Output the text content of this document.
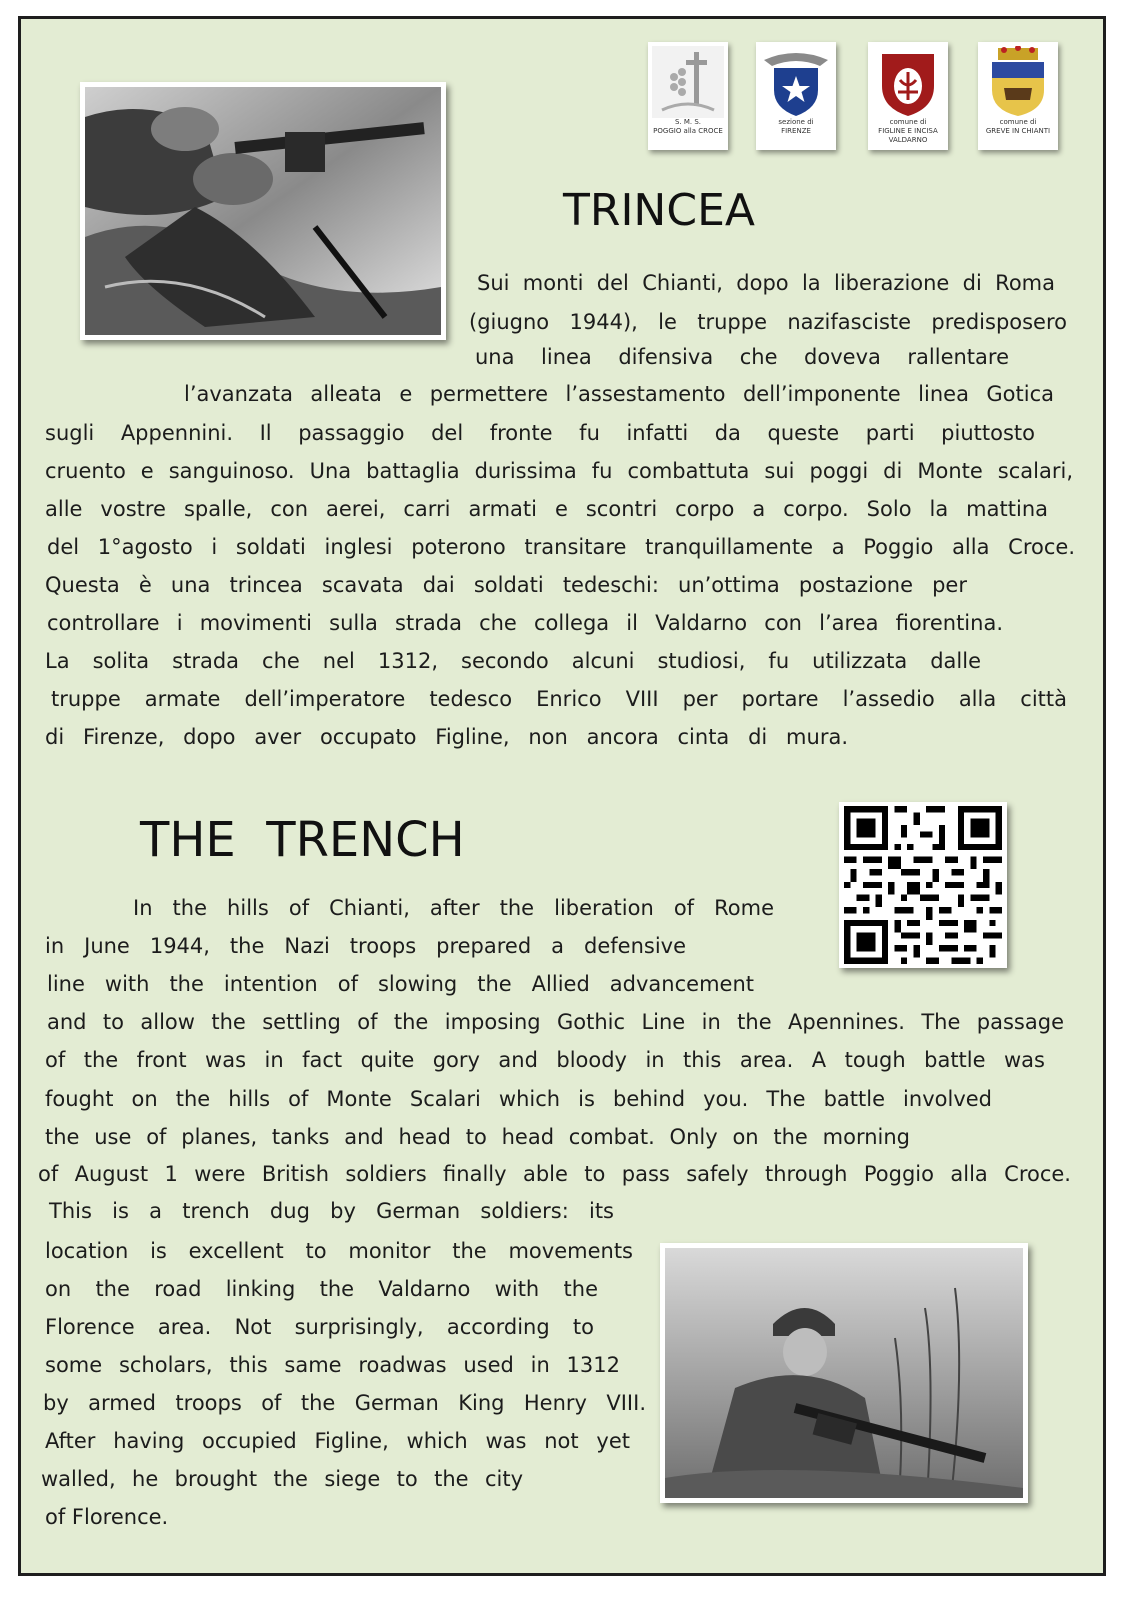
S. M. S.
POGGIO alla CROCE
sezione di
FIRENZE
comune di
FIGLINE E INCISA
VALDARNO
comune di
GREVE IN CHIANTI
TRINCEA
Sui monti del Chianti, dopo la liberazione di Roma
(giugno 1944), le truppe nazifasciste predisposero
una linea difensiva che doveva rallentare
l’avanzata alleata e permettere l’assestamento dell’imponente linea Gotica
sugli Appennini. Il passaggio del fronte fu infatti da queste parti piuttosto
cruento e sanguinoso. Una battaglia durissima fu combattuta sui poggi di Monte scalari,
alle vostre spalle, con aerei, carri armati e scontri corpo a corpo. Solo la mattina
del 1°agosto i soldati inglesi poterono transitare tranquillamente a Poggio alla Croce.
Questa è una trincea scavata dai soldati tedeschi: un’ottima postazione per
controllare i movimenti sulla strada che collega il Valdarno con l’area fiorentina.
La solita strada che nel 1312, secondo alcuni studiosi, fu utilizzata dalle
truppe armate dell’imperatore tedesco Enrico VIII per portare l’assedio alla città
di Firenze, dopo aver occupato Figline, non ancora cinta di mura.
THE  TRENCH
In the hills of Chianti, after the liberation of Rome
in June 1944, the Nazi troops prepared a defensive
line with the intention of slowing the Allied advancement
and to allow the settling of the imposing Gothic Line in the Apennines. The passage
of the front was in fact quite gory and bloody in this area. A tough battle was
fought on the hills of Monte Scalari which is behind you. The battle involved
the use of planes, tanks and head to head combat. Only on the morning
of August 1 were British soldiers finally able to pass safely through Poggio alla Croce.
This is a trench dug by German soldiers: its
location is excellent to monitor the movements
on the road linking the Valdarno with the
Florence area. Not surprisingly, according to
some scholars, this same roadwas used in 1312
by armed troops of the German King Henry VIII.
After having occupied Figline, which was not yet
walled, he brought the siege to the city
of Florence.
